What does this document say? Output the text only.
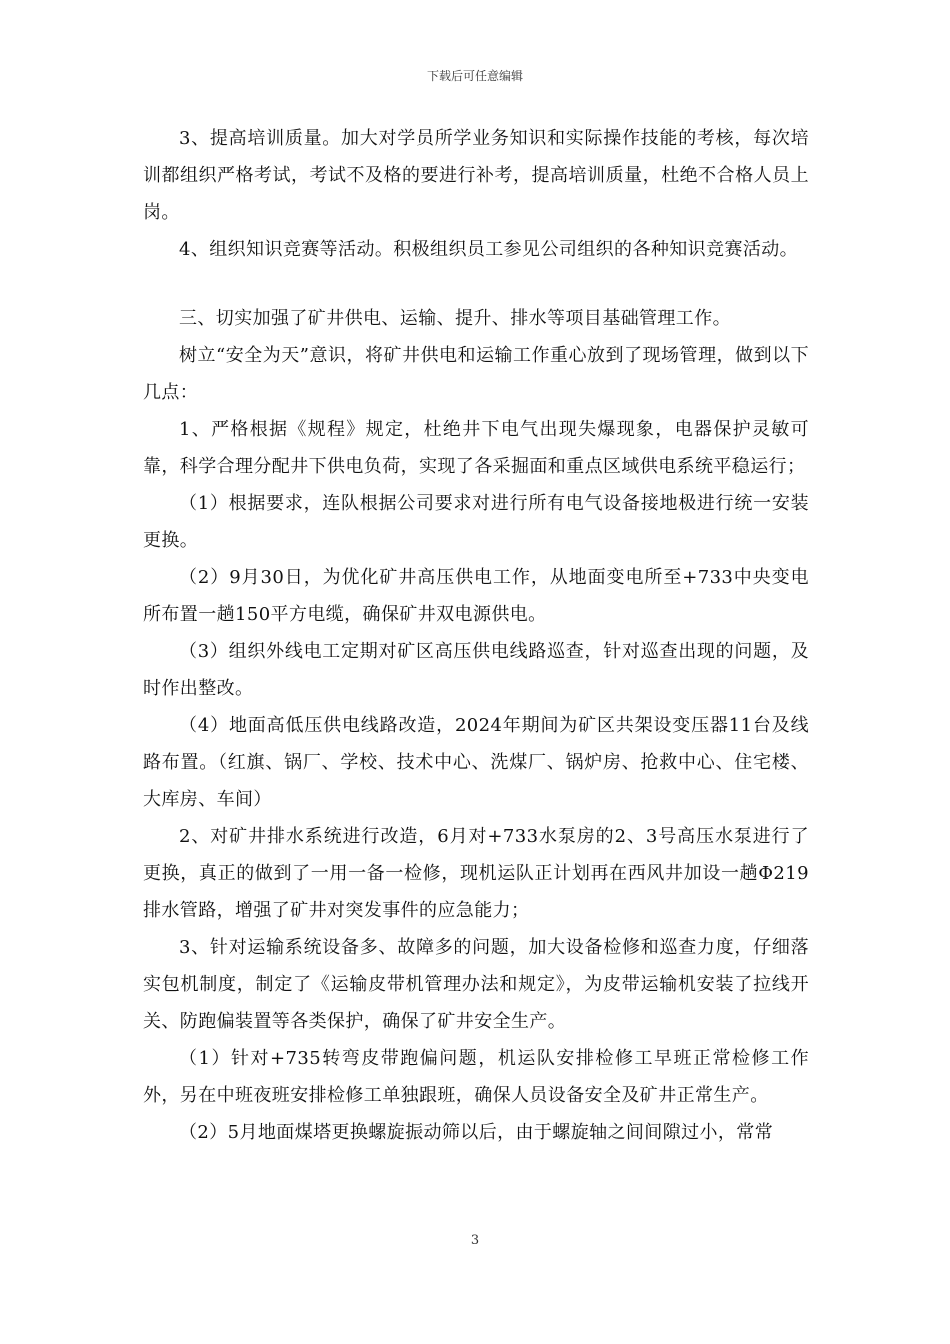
下载后可任意编辑

3、提高培训质量。加大对学员所学业务知识和实际操作技能的考核，每次培训都组织严格考试，考试不及格的要进行补考，提高培训质量，杜绝不合格人员上岗。

4、组织知识竞赛等活动。积极组织员工参见公司组织的各种知识竞赛活动。

三、切实加强了矿井供电、运输、提升、排水等项目基础管理工作。

树立“安全为天”意识，将矿井供电和运输工作重心放到了现场管理，做到以下几点：

1、严格根据《规程》规定，杜绝井下电气出现失爆现象，电器保护灵敏可靠，科学合理分配井下供电负荷，实现了各采掘面和重点区域供电系统平稳运行；

（1）根据要求，连队根据公司要求对进行所有电气设备接地极进行统一安装更换。

（2）9月30日，为优化矿井高压供电工作，从地面变电所至+733中央变电所布置一趟150平方电缆，确保矿井双电源供电。

（3）组织外线电工定期对矿区高压供电线路巡查，针对巡查出现的问题，及时作出整改。

（4）地面高低压供电线路改造，2024年期间为矿区共架设变压器11台及线路布置。（红旗、锅厂、学校、技术中心、洗煤厂、锅炉房、抢救中心、住宅楼、大库房、车间）

2、对矿井排水系统进行改造，6月对+733水泵房的2、3号高压水泵进行了更换，真正的做到了一用一备一检修，现机运队正计划再在西风井加设一趟Φ219排水管路，增强了矿井对突发事件的应急能力；

3、针对运输系统设备多、故障多的问题，加大设备检修和巡查力度，仔细落实包机制度，制定了《运输皮带机管理办法和规定》，为皮带运输机安装了拉线开关、防跑偏装置等各类保护，确保了矿井安全生产。

（1）针对+735转弯皮带跑偏问题，机运队安排检修工早班正常检修工作外，另在中班夜班安排检修工单独跟班，确保人员设备安全及矿井正常生产。

（2）5月地面煤塔更换螺旋振动筛以后，由于螺旋轴之间间隙过小，常常

3
